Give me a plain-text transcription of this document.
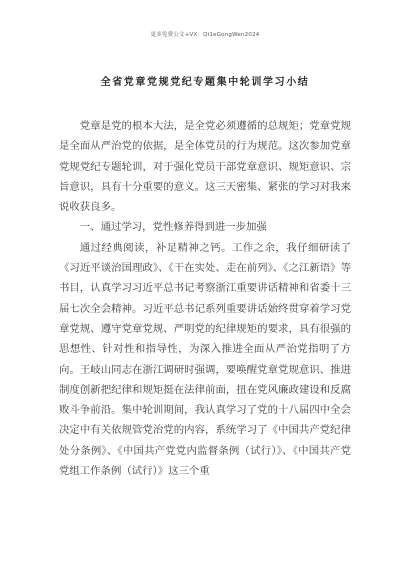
更多免费公文+VX：Qi1eGongWen2024
全省党章党规党纪专题集中轮训学习小结

党章是党的根本大法，是全党必须遵循的总规矩；党章党规是全面从严治党的依据，是全体党员的行为规范。这次参加党章党规党纪专题轮训，对于强化党员干部党章意识、规矩意识、宗旨意识，具有十分重要的意义。这三天密集、紧张的学习对我来说收获良多。

一、通过学习，党性修养得到进一步加强

通过经典阅读，补足精神之钙。工作之余，我仔细研读了《习近平谈治国理政》、《干在实处、走在前列》、《之江新语》等书目，认真学习习近平总书记考察浙江重要讲话精神和省委十三届七次全会精神。习近平总书记系列重要讲话始终贯穿着学习党章党规、遵守党章党规、严明党的纪律规矩的要求，具有很强的思想性、针对性和指导性，为深入推进全面从严治党指明了方向。王岐山同志在浙江调研时强调，要唤醒党章党规意识、推进制度创新把纪律和规矩挺在法律前面，扭在党风廉政建设和反腐败斗争前沿。集中轮训期间，我认真学习了党的十八届四中全会决定中有关依规管党治党的内容，系统学习了《中国共产党纪律处分条例》、《中国共产党党内监督条例（试行）》、《中国共产党党组工作条例（试行）》这三个重
